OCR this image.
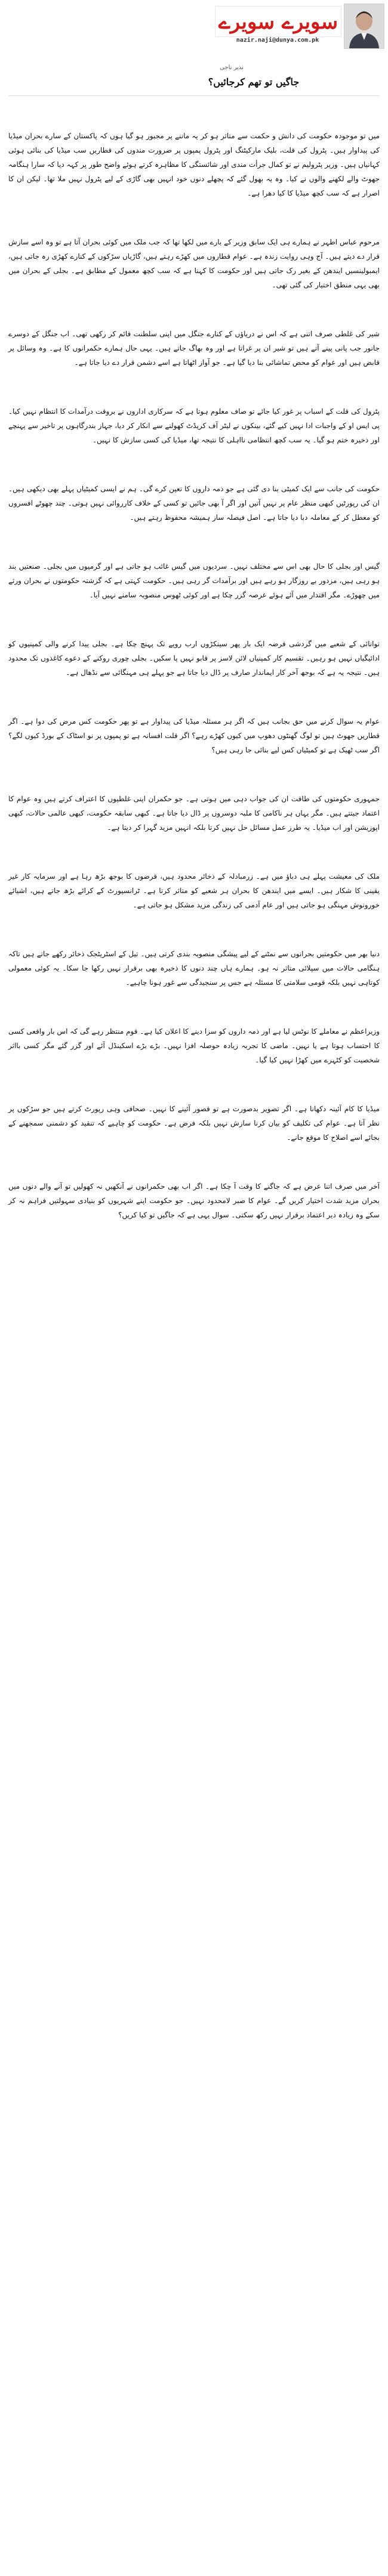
سویرے سویرے
nazir.naji@dunya.com.pk
نذیر ناجی
جاگیں تو تھم کرجائیں؟

میں تو موجودہ حکومت کی دانش و حکمت سے متاثر ہو کر یہ ماننے پر مجبور ہو گیا ہوں کہ پاکستان کے سارے بحران میڈیا کی پیداوار ہیں۔ پٹرول کی قلت، بلیک مارکیٹنگ اور پٹرول پمپوں پر ضرورت مندوں کی قطاریں سب میڈیا کی بنائی ہوئی کہانیاں ہیں۔ وزیر پٹرولیم نے تو کمال جرأت مندی اور شائستگی کا مظاہرہ کرتے ہوئے واضح طور پر کہہ دیا کہ سارا ہنگامہ جھوٹ والے لکھنے والوں نے کیا۔ وہ یہ بھول گئے کہ پچھلے دنوں خود انہیں بھی گاڑی کے لیے پٹرول نہیں ملا تھا۔ لیکن ان کا اصرار ہے کہ سب کچھ میڈیا کا کیا دھرا ہے۔

مرحوم عباس اطہر نے ہمارے ہی ایک سابق وزیر کے بارے میں لکھا تھا کہ جب ملک میں کوئی بحران آتا ہے تو وہ اسے سازش قرار دے دیتے ہیں۔ آج وہی روایت زندہ ہے۔ عوام قطاروں میں کھڑے رہتے ہیں، گاڑیاں سڑکوں کے کنارے کھڑی رہ جاتی ہیں، ایمبولینسیں ایندھن کے بغیر رک جاتی ہیں اور حکومت کا کہنا ہے کہ سب کچھ معمول کے مطابق ہے۔ بجلی کے بحران میں بھی یہی منطق اختیار کی گئی تھی۔

شیر کی غلطی صرف اتنی ہے کہ اس نے دریاؤں کے کنارے جنگل میں اپنی سلطنت قائم کر رکھی تھی۔ اب جنگل کے دوسرے جانور جب پانی پینے آتے ہیں تو شیر ان پر غراتا ہے اور وہ بھاگ جاتے ہیں۔ یہی حال ہمارے حکمرانوں کا ہے۔ وہ وسائل پر قابض ہیں اور عوام کو محض تماشائی بنا دیا گیا ہے۔ جو آواز اٹھاتا ہے اسے دشمن قرار دے دیا جاتا ہے۔

پٹرول کی قلت کے اسباب پر غور کیا جائے تو صاف معلوم ہوتا ہے کہ سرکاری اداروں نے بروقت درآمدات کا انتظام نہیں کیا۔ پی ایس او کے واجبات ادا نہیں کیے گئے، بینکوں نے لیٹر آف کریڈٹ کھولنے سے انکار کر دیا، جہاز بندرگاہوں پر تاخیر سے پہنچے اور ذخیرہ ختم ہو گیا۔ یہ سب کچھ انتظامی نااہلی کا نتیجہ تھا، میڈیا کی کسی سازش کا نہیں۔

حکومت کی جانب سے ایک کمیٹی بنا دی گئی ہے جو ذمہ داروں کا تعین کرے گی۔ ہم نے ایسی کمیٹیاں پہلے بھی دیکھی ہیں۔ ان کی رپورٹیں کبھی منظر عام پر نہیں آتیں اور اگر آ بھی جائیں تو کسی کے خلاف کارروائی نہیں ہوتی۔ چند چھوٹے افسروں کو معطل کر کے معاملہ دبا دیا جاتا ہے۔ اصل فیصلہ ساز ہمیشہ محفوظ رہتے ہیں۔

گیس اور بجلی کا حال بھی اس سے مختلف نہیں۔ سردیوں میں گیس غائب ہو جاتی ہے اور گرمیوں میں بجلی۔ صنعتیں بند ہو رہی ہیں، مزدور بے روزگار ہو رہے ہیں اور برآمدات گر رہی ہیں۔ حکومت کہتی ہے کہ گزشتہ حکومتوں نے بحران ورثے میں چھوڑے۔ مگر اقتدار میں آئے ہوئے عرصہ گزر چکا ہے اور کوئی ٹھوس منصوبہ سامنے نہیں آیا۔

توانائی کے شعبے میں گردشی قرضہ ایک بار پھر سینکڑوں ارب روپے تک پہنچ چکا ہے۔ بجلی پیدا کرنے والی کمپنیوں کو ادائیگیاں نہیں ہو رہیں۔ تقسیم کار کمپنیاں لائن لاسز پر قابو نہیں پا سکیں۔ بجلی چوری روکنے کے دعوے کاغذوں تک محدود ہیں۔ نتیجہ یہ ہے کہ بوجھ آخر کار ایماندار صارف پر ڈال دیا جاتا ہے جو پہلے ہی مہنگائی سے نڈھال ہے۔

عوام یہ سوال کرنے میں حق بجانب ہیں کہ اگر ہر مسئلہ میڈیا کی پیداوار ہے تو پھر حکومت کس مرض کی دوا ہے۔ اگر قطاریں جھوٹ ہیں تو لوگ گھنٹوں دھوپ میں کیوں کھڑے رہے؟ اگر قلت افسانہ ہے تو پمپوں پر نو اسٹاک کے بورڈ کیوں لگے؟ اگر سب ٹھیک ہے تو کمیٹیاں کس لیے بنائی جا رہی ہیں؟

جمہوری حکومتوں کی طاقت ان کی جواب دہی میں ہوتی ہے۔ جو حکمران اپنی غلطیوں کا اعتراف کرتے ہیں وہ عوام کا اعتماد جیتتے ہیں۔ مگر یہاں ہر ناکامی کا ملبہ دوسروں پر ڈال دیا جاتا ہے۔ کبھی سابقہ حکومت، کبھی عالمی حالات، کبھی اپوزیشن اور اب میڈیا۔ یہ طرز عمل مسائل حل نہیں کرتا بلکہ انہیں مزید گہرا کر دیتا ہے۔

ملک کی معیشت پہلے ہی دباؤ میں ہے۔ زرمبادلہ کے ذخائر محدود ہیں، قرضوں کا بوجھ بڑھ رہا ہے اور سرمایہ کار غیر یقینی کا شکار ہیں۔ ایسے میں ایندھن کا بحران ہر شعبے کو متاثر کرتا ہے۔ ٹرانسپورٹ کے کرائے بڑھ جاتے ہیں، اشیائے خورونوش مہنگی ہو جاتی ہیں اور عام آدمی کی زندگی مزید مشکل ہو جاتی ہے۔

دنیا بھر میں حکومتیں بحرانوں سے نمٹنے کے لیے پیشگی منصوبہ بندی کرتی ہیں۔ تیل کے اسٹریٹجک ذخائر رکھے جاتے ہیں تاکہ ہنگامی حالات میں سپلائی متاثر نہ ہو۔ ہمارے ہاں چند دنوں کا ذخیرہ بھی برقرار نہیں رکھا جا سکا۔ یہ کوئی معمولی کوتاہی نہیں بلکہ قومی سلامتی کا مسئلہ ہے جس پر سنجیدگی سے غور ہونا چاہیے۔

وزیراعظم نے معاملے کا نوٹس لیا ہے اور ذمہ داروں کو سزا دینے کا اعلان کیا ہے۔ قوم منتظر رہے گی کہ اس بار واقعی کسی کا احتساب ہوتا ہے یا نہیں۔ ماضی کا تجربہ زیادہ حوصلہ افزا نہیں۔ بڑے بڑے اسکینڈل آئے اور گزر گئے مگر کسی بااثر شخصیت کو کٹہرے میں کھڑا نہیں کیا گیا۔

میڈیا کا کام آئینہ دکھانا ہے۔ اگر تصویر بدصورت ہے تو قصور آئینے کا نہیں۔ صحافی وہی رپورٹ کرتے ہیں جو سڑکوں پر نظر آتا ہے۔ عوام کی تکلیف کو بیان کرنا سازش نہیں بلکہ فرض ہے۔ حکومت کو چاہیے کہ تنقید کو دشمنی سمجھنے کے بجائے اسے اصلاح کا موقع جانے۔

آخر میں صرف اتنا عرض ہے کہ جاگنے کا وقت آ چکا ہے۔ اگر اب بھی حکمرانوں نے آنکھیں نہ کھولیں تو آنے والے دنوں میں بحران مزید شدت اختیار کریں گے۔ عوام کا صبر لامحدود نہیں۔ جو حکومت اپنے شہریوں کو بنیادی سہولتیں فراہم نہ کر سکے وہ زیادہ دیر اعتماد برقرار نہیں رکھ سکتی۔ سوال یہی ہے کہ جاگیں تو کیا کریں؟
